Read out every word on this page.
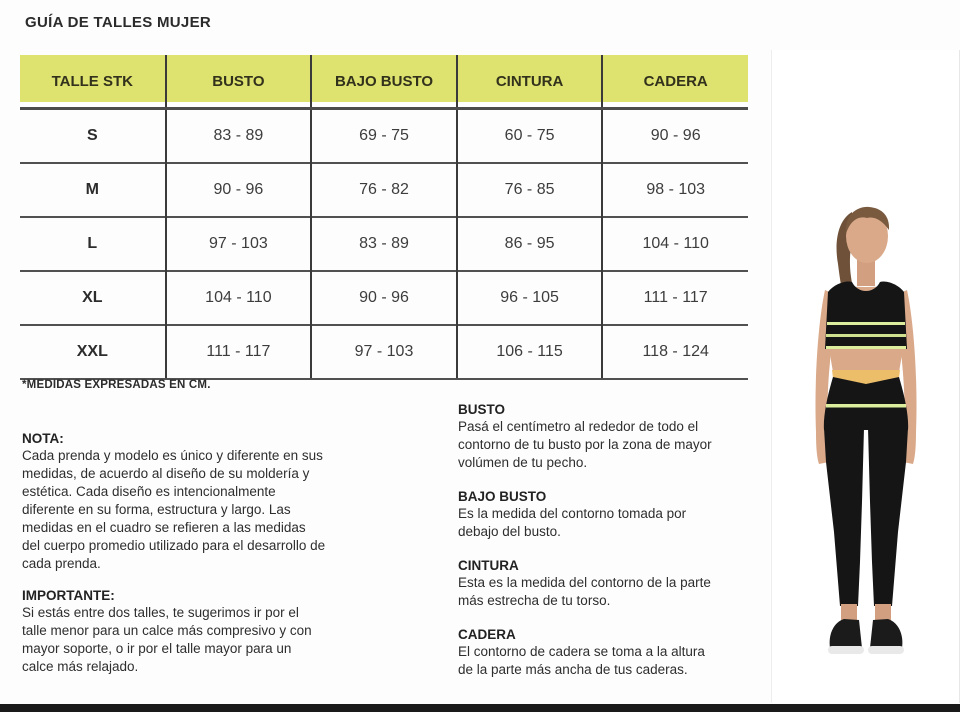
GUÍA DE TALLES MUJER
TALLE STK	BUSTO	BAJO BUSTO	CINTURA	CADERA
S	83 - 89	69 - 75	60 - 75	90 - 96
M	90 - 96	76 - 82	76 - 85	98 - 103
L	97 - 103	83 - 89	86 - 95	104 - 110
XL	104 - 110	90 - 96	96 - 105	111 - 117
XXL	111 - 117	97 - 103	106 - 115	118 - 124
*MEDIDAS EXPRESADAS EN CM.

NOTA:

Cada prenda y modelo es único y diferente en sus medidas, de acuerdo al diseño de su moldería y estética. Cada diseño es intencionalmente diferente en su forma, estructura y largo. Las medidas en el cuadro se refieren a las medidas del cuerpo promedio utilizado para el desarrollo de cada prenda.

IMPORTANTE:

Si estás entre dos talles, te sugerimos ir por el talle menor para un calce más compresivo y con mayor soporte, o ir por el talle mayor para un calce más relajado.

BUSTO

Pasá el centímetro al rededor de todo el contorno de tu busto por la zona de mayor volúmen de tu pecho.

BAJO BUSTO

Es la medida del contorno tomada por debajo del busto.

CINTURA

Esta es la medida del contorno de la parte más estrecha de tu torso.

CADERA

El contorno de cadera se toma a la altura de la parte más ancha de tus caderas.
